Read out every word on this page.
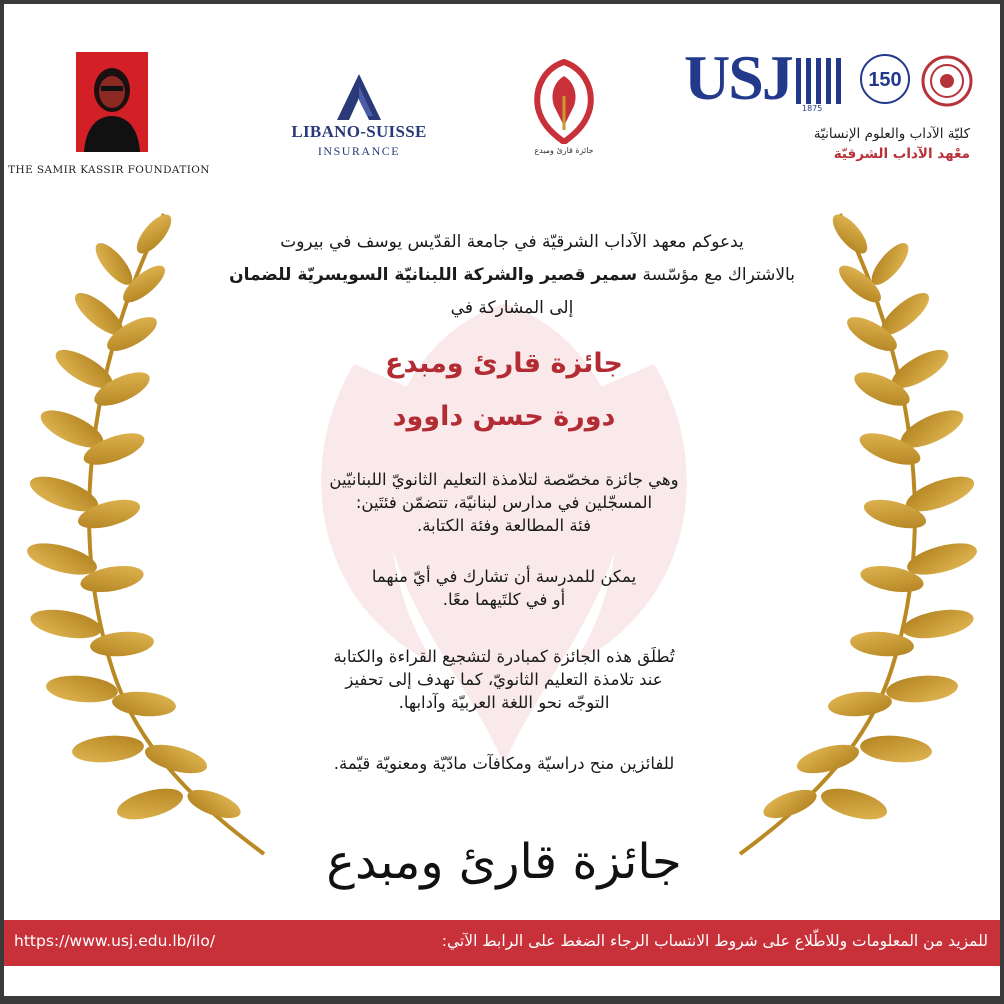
THE SAMIR KASSIR FOUNDATION
LIBANO-SUISSE
INSURANCE	جائزة قارئ ومبدع
USJ 1875
150
كليّة الآداب والعلوم الإنسانيّة
معْهد الآداب الشرقيّة
يدعوكم معهد الآداب الشرقيّة في جامعة القدّيس يوسف في بيروت
بالاشتراك مع مؤسّسة سمير قصير والشركة اللبنانيّة السويسريّة للضمان
إلى المشاركة في
جائزة قارئ ومبدع
دورة حسن داوود
وهي جائزة مخصّصة لتلامذة التعليم الثانويّ اللبنانيّين
المسجّلين في مدارس لبنانيّة، تتضمّن فئتَين:
فئة المطالعة وفئة الكتابة.
يمكن للمدرسة أن تشارك في أيّ منهما
أو في كلتَيهما معًا.
تُطلَق هذه الجائزة كمبادرة لتشجيع القراءة والكتابة
عند تلامذة التعليم الثانويّ، كما تهدف إلى تحفيز
التوجّه نحو اللغة العربيّة وآدابها.
للفائزين منح دراسيّة ومكافآت مادّيّة ومعنويّة قيّمة.
جائزة قارئ ومبدع
للمزيد من المعلومات وللاطّلاع على شروط الانتساب الرجاء الضغط على الرابط الآتي:
https://www.usj.edu.lb/ilo/
